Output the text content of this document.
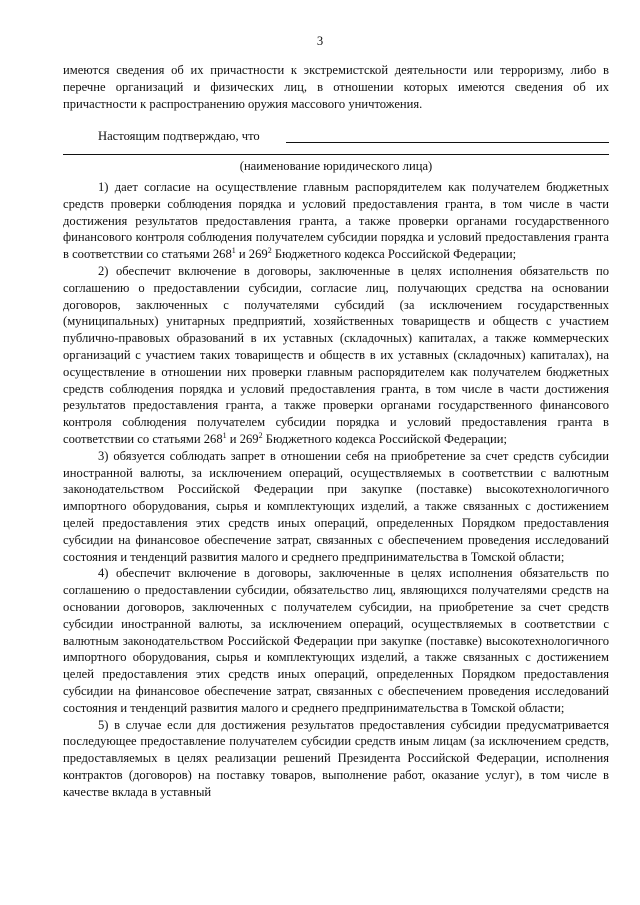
3

имеются сведения об их причастности к экстремистской деятельности или терроризму, либо в перечне организаций и физических лиц, в отношении которых имеются сведения об их причастности к распространению оружия массового уничтожения.

Настоящим подтверждаю, что
(наименование юридического лица)

1) дает согласие на осуществление главным распорядителем как получателем бюджетных средств проверки соблюдения порядка и условий предоставления гранта, в том числе в части достижения результатов предоставления гранта, а также проверки органами государственного финансового контроля соблюдения получателем субсидии порядка и условий предоставления гранта в соответствии со статьями $268^1$ и $269^2$ Бюджетного кодекса Российской Федерации;

2) обеспечит включение в договоры, заключенные в целях исполнения обязательств по соглашению о предоставлении субсидии, согласие лиц, получающих средства на основании договоров, заключенных с получателями субсидий (за исключением государственных (муниципальных) унитарных предприятий, хозяйственных товариществ и обществ с участием публично-правовых образований в их уставных (складочных) капиталах, а также коммерческих организаций с участием таких товариществ и обществ в их уставных (складочных) капиталах), на осуществление в отношении них проверки главным распорядителем как получателем бюджетных средств соблюдения порядка и условий предоставления гранта, в том числе в части достижения результатов предоставления гранта, а также проверки органами государственного финансового контроля соблюдения получателем субсидии порядка и условий предоставления гранта в соответствии со статьями $268^1$ и $269^2$ Бюджетного кодекса Российской Федерации;

3) обязуется соблюдать запрет в отношении себя на приобретение за счет средств субсидии иностранной валюты, за исключением операций, осуществляемых в соответствии с валютным законодательством Российской Федерации при закупке (поставке) высокотехнологичного импортного оборудования, сырья и комплектующих изделий, а также связанных с достижением целей предоставления этих средств иных операций, определенных Порядком предоставления субсидии на финансовое обеспечение затрат, связанных с обеспечением проведения исследований состояния и тенденций развития малого и среднего предпринимательства в Томской области;

4) обеспечит включение в договоры, заключенные в целях исполнения обязательств по соглашению о предоставлении субсидии, обязательство лиц, являющихся получателями средств на основании договоров, заключенных с получателем субсидии, на приобретение за счет средств субсидии иностранной валюты, за исключением операций, осуществляемых в соответствии с валютным законодательством Российской Федерации при закупке (поставке) высокотехнологичного импортного оборудования, сырья и комплектующих изделий, а также связанных с достижением целей предоставления этих средств иных операций, определенных Порядком предоставления субсидии на финансовое обеспечение затрат, связанных с обеспечением проведения исследований состояния и тенденций развития малого и среднего предпринимательства в Томской области;

5) в случае если для достижения результатов предоставления субсидии предусматривается последующее предоставление получателем субсидии средств иным лицам (за исключением средств, предоставляемых в целях реализации решений Президента Российской Федерации, исполнения контрактов (договоров) на поставку товаров, выполнение работ, оказание услуг), в том числе в качестве вклада в уставный
